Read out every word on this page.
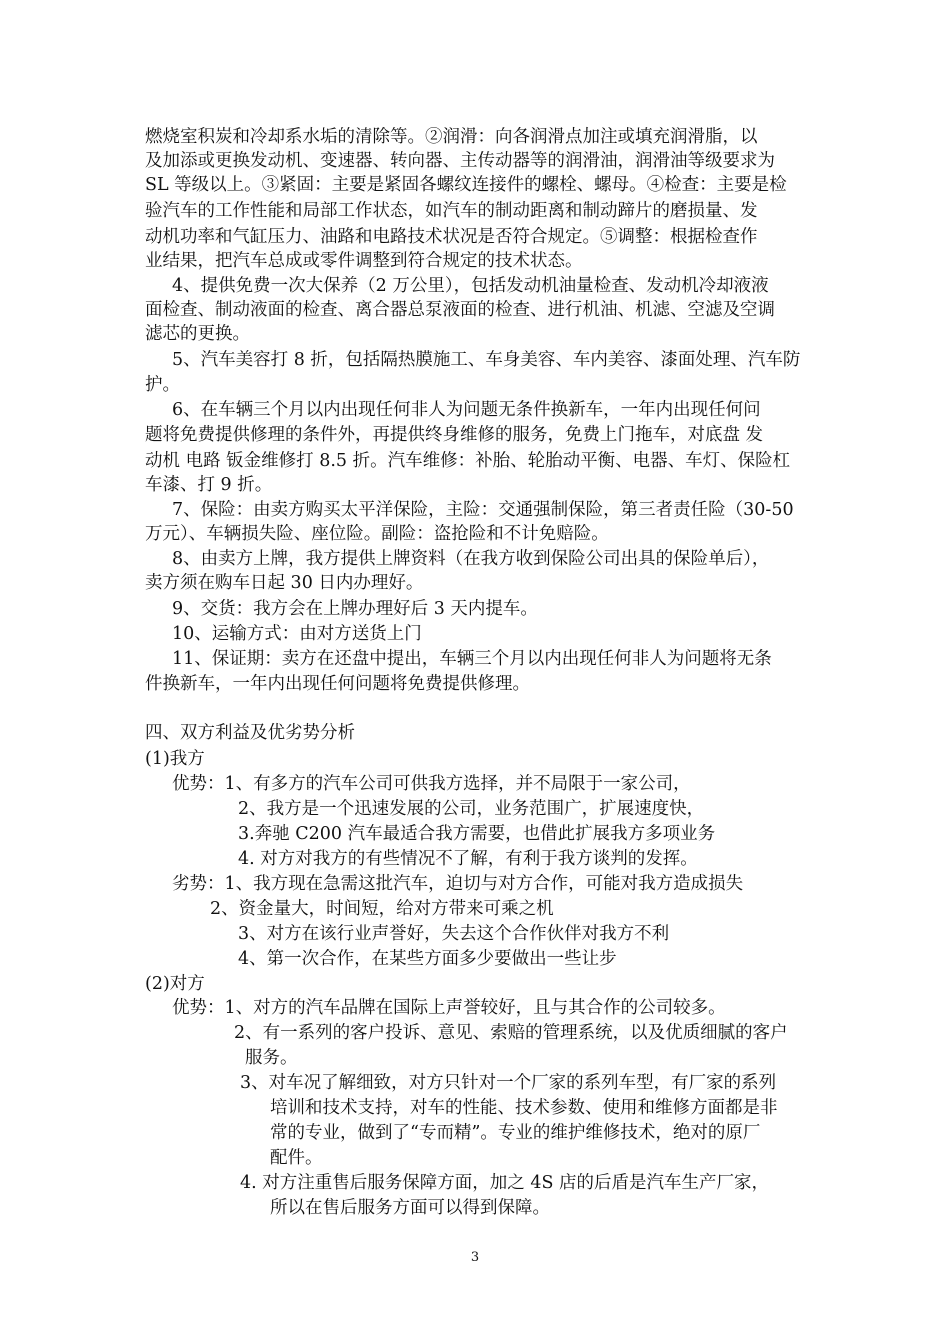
燃烧室积炭和冷却系水垢的清除等。②润滑：向各润滑点加注或填充润滑脂，以
及加添或更换发动机、变速器、转向器、主传动器等的润滑油，润滑油等级要求为
SL 等级以上。③紧固：主要是紧固各螺纹连接件的螺栓、螺母。④检查：主要是检
验汽车的工作性能和局部工作状态，如汽车的制动距离和制动蹄片的磨损量、发
动机功率和气缸压力、油路和电路技术状况是否符合规定。⑤调整：根据检查作
业结果，把汽车总成或零件调整到符合规定的技术状态。
4、提供免费一次大保养（2 万公里），包括发动机油量检查、发动机冷却液液
面检查、制动液面的检查、离合器总泵液面的检查、进行机油、机滤、空滤及空调
滤芯的更换。
5、汽车美容打 8 折，包括隔热膜施工、车身美容、车内美容、漆面处理、汽车防
护。
6、在车辆三个月以内出现任何非人为问题无条件换新车，一年内出现任何问
题将免费提供修理的条件外，再提供终身维修的服务，免费上门拖车，对底盘 发
动机 电路 钣金维修打 8.5 折。汽车维修：补胎、轮胎动平衡、电器、车灯、保险杠
车漆、打 9 折。
7、保险：由卖方购买太平洋保险，主险：交通强制保险，第三者责任险（30-50
万元）、车辆损失险、座位险。副险：盗抢险和不计免赔险。
8、由卖方上牌，我方提供上牌资料（在我方收到保险公司出具的保险单后），
卖方须在购车日起 30 日内办理好。
9、交货：我方会在上牌办理好后 3 天内提车。
10、运输方式：由对方送货上门
11、保证期：卖方在还盘中提出，车辆三个月以内出现任何非人为问题将无条
件换新车，一年内出现任何问题将免费提供修理。
四、双方利益及优劣势分析
(1)我方
优势：1、有多方的汽车公司可供我方选择，并不局限于一家公司，
2、我方是一个迅速发展的公司，业务范围广，扩展速度快，
3.奔驰 C200 汽车最适合我方需要，也借此扩展我方多项业务
4. 对方对我方的有些情况不了解，有利于我方谈判的发挥。
劣势：1、我方现在急需这批汽车，迫切与对方合作，可能对我方造成损失
2、资金量大，时间短，给对方带来可乘之机
3、对方在该行业声誉好，失去这个合作伙伴对我方不利
4、第一次合作，在某些方面多少要做出一些让步
(2)对方
优势：1、对方的汽车品牌在国际上声誉较好，且与其合作的公司较多。
2、有一系列的客户投诉、意见、索赔的管理系统，以及优质细腻的客户
服务。
3、对车况了解细致，对方只针对一个厂家的系列车型，有厂家的系列
培训和技术支持，对车的性能、技术参数、使用和维修方面都是非
常的专业，做到了“专而精”。专业的维护维修技术，绝对的原厂
配件。
4. 对方注重售后服务保障方面，加之 4S 店的后盾是汽车生产厂家，
所以在售后服务方面可以得到保障。
3
